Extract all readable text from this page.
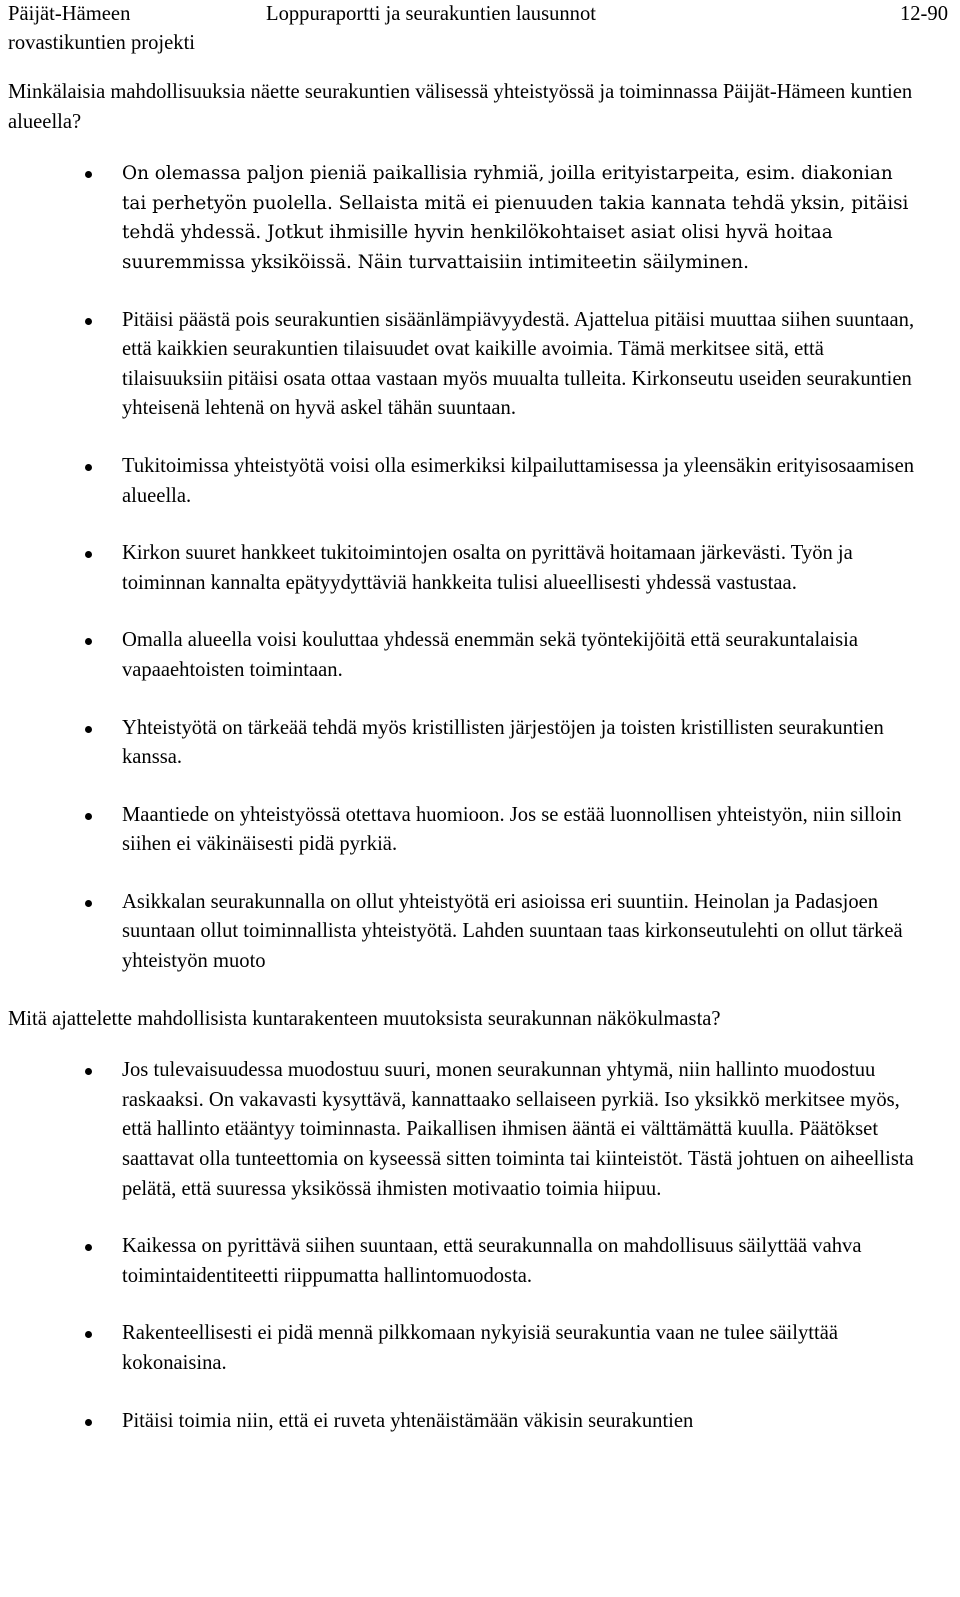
Päijät-Hämeen
rovastikuntien projekti
Loppuraportti ja seurakuntien lausunnot	12-90

Minkälaisia mahdollisuuksia näette seurakuntien välisessä yhteistyössä ja toiminnassa Päijät-Hämeen kuntien alueella?

On olemassa paljon pieniä paikallisia ryhmiä, joilla erityistarpeita, esim. diakonian tai perhetyön puolella. Sellaista mitä ei pienuuden takia kannata tehdä yksin, pitäisi tehdä yhdessä. Jotkut ihmisille hyvin henkilökohtaiset asiat olisi hyvä hoitaa suuremmissa yksiköissä. Näin turvattaisiin intimiteetin säilyminen.
Pitäisi päästä pois seurakuntien sisäänlämpiävyydestä. Ajattelua pitäisi muuttaa siihen suuntaan, että kaikkien seurakuntien tilaisuudet ovat kaikille avoimia. Tämä merkitsee sitä, että tilaisuuksiin pitäisi osata ottaa vastaan myös muualta tulleita. Kirkonseutu useiden seurakuntien yhteisenä lehtenä on hyvä askel tähän suuntaan.
Tukitoimissa yhteistyötä voisi olla esimerkiksi kilpailuttamisessa ja yleensäkin erityisosaamisen alueella.
Kirkon suuret hankkeet tukitoimintojen osalta on pyrittävä hoitamaan järkevästi. Työn ja toiminnan kannalta epätyydyttäviä hankkeita tulisi alueellisesti yhdessä vastustaa.
Omalla alueella voisi kouluttaa yhdessä enemmän sekä työntekijöitä että seurakuntalaisia vapaaehtoisten toimintaan.
Yhteistyötä on tärkeää tehdä myös kristillisten järjestöjen ja toisten kristillisten seurakuntien kanssa.
Maantiede on yhteistyössä otettava huomioon. Jos se estää luonnollisen yhteistyön, niin silloin siihen ei väkinäisesti pidä pyrkiä.
Asikkalan seurakunnalla on ollut yhteistyötä eri asioissa eri suuntiin. Heinolan ja Padasjoen suuntaan ollut toiminnallista yhteistyötä. Lahden suuntaan taas kirkonseutulehti on ollut tärkeä yhteistyön muoto

Mitä ajattelette mahdollisista kuntarakenteen muutoksista seurakunnan näkökulmasta?

Jos tulevaisuudessa muodostuu suuri, monen seurakunnan yhtymä, niin hallinto muodostuu raskaaksi. On vakavasti kysyttävä, kannattaako sellaiseen pyrkiä. Iso yksikkö merkitsee myös, että hallinto etääntyy toiminnasta. Paikallisen ihmisen ääntä ei välttämättä kuulla. Päätökset saattavat olla tunteettomia on kyseessä sitten toiminta tai kiinteistöt. Tästä johtuen on aiheellista pelätä, että suuressa yksikössä ihmisten motivaatio toimia hiipuu.
Kaikessa on pyrittävä siihen suuntaan, että seurakunnalla on mahdollisuus säilyttää vahva toimintaidentiteetti riippumatta hallintomuodosta.
Rakenteellisesti ei pidä mennä pilkkomaan nykyisiä seurakuntia vaan ne tulee säilyttää kokonaisina.
Pitäisi toimia niin, että ei ruveta yhtenäistämään väkisin seurakuntien
